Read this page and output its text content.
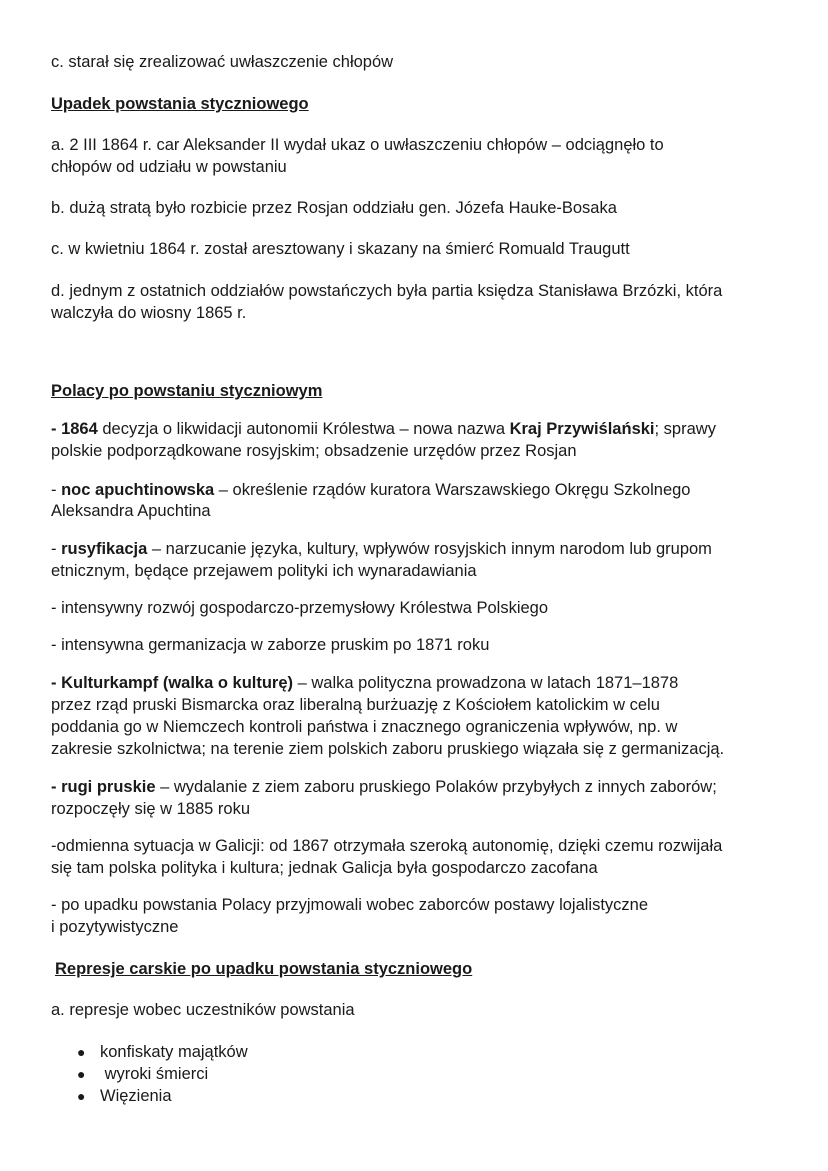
c. starał się zrealizować uwłaszczenie chłopów
Upadek powstania styczniowego
a. 2 III 1864 r. car Aleksander II wydał ukaz o uwłaszczeniu chłopów – odciągnęło to
chłopów od udziału w powstaniu
b. dużą stratą było rozbicie przez Rosjan oddziału gen. Józefa Hauke-Bosaka
c. w kwietniu 1864 r. został aresztowany i skazany na śmierć Romuald Traugutt
d. jednym z ostatnich oddziałów powstańczych była partia księdza Stanisława Brzózki, która
walczyła do wiosny 1865 r.
Polacy po powstaniu styczniowym
- 1864 decyzja o likwidacji autonomii Królestwa – nowa nazwa Kraj Przywiślański; sprawy
polskie podporządkowane rosyjskim; obsadzenie urzędów przez Rosjan
- noc apuchtinowska – określenie rządów kuratora Warszawskiego Okręgu Szkolnego
Aleksandra Apuchtina
- rusyfikacja – narzucanie języka, kultury, wpływów rosyjskich innym narodom lub grupom
etnicznym, będące przejawem polityki ich wynaradawiania
- intensywny rozwój gospodarczo-przemysłowy Królestwa Polskiego
- intensywna germanizacja w zaborze pruskim po 1871 roku
- Kulturkampf (walka o kulturę) – walka polityczna prowadzona w latach 1871–1878
przez rząd pruski Bismarcka oraz liberalną burżuazję z Kościołem katolickim w celu
poddania go w Niemczech kontroli państwa i znacznego ograniczenia wpływów, np. w
zakresie szkolnictwa; na terenie ziem polskich zaboru pruskiego wiązała się z germanizacją.
- rugi pruskie – wydalanie z ziem zaboru pruskiego Polaków przybyłych z innych zaborów;
rozpoczęły się w 1885 roku
-odmienna sytuacja w Galicji: od 1867 otrzymała szeroką autonomię, dzięki czemu rozwijała
się tam polska polityka i kultura; jednak Galicja była gospodarczo zacofana
- po upadku powstania Polacy przyjmowali wobec zaborców postawy lojalistyczne
i pozytywistyczne
Represje carskie po upadku powstania styczniowego
a. represje wobec uczestników powstania
● konfiskaty majątków
● wyroki śmierci
● Więzienia
